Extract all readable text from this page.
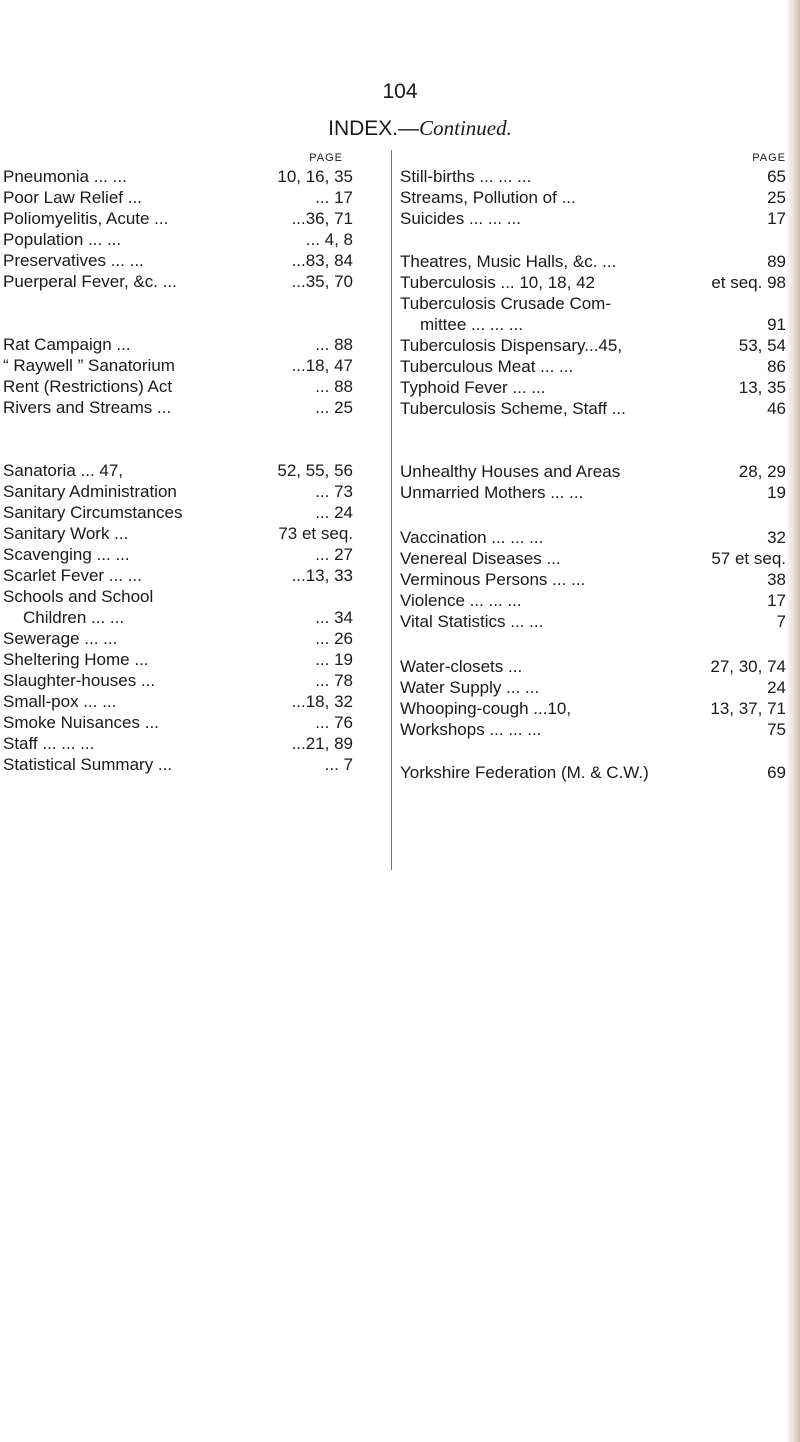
104
INDEX.—Continued.
PAGE
Pneumonia ... ...	10, 16, 35
Poor Law Relief ...	... 17
Poliomyelitis, Acute ...	...36, 71
Population ... ...	... 4, 8
Preservatives ... ...	...83, 84
Puerperal Fever, &c. ...	...35, 70
Rat Campaign ...	... 88
“ Raywell ” Sanatorium	...18, 47
Rent (Restrictions) Act	... 88
Rivers and Streams ...	... 25
Sanatoria ... 47,	52, 55, 56
Sanitary Administration	... 73
Sanitary Circumstances	... 24
Sanitary Work ...	73 et seq.
Scavenging ... ...	... 27
Scarlet Fever ... ...	...13, 33
Schools and School
Children ... ...	... 34
Sewerage ... ...	... 26
Sheltering Home ...	... 19
Slaughter-houses ...	... 78
Small-pox ... ...	...18, 32
Smoke Nuisances ...	... 76
Staff ... ... ...	...21, 89
Statistical Summary ...	... 7
PAGE
Still-births ... ... ...	65
Streams, Pollution of ...	25
Suicides ... ... ...	17
Theatres, Music Halls, &c. ...	89
Tuberculosis ... 10, 18, 42	et seq. 98
Tuberculosis Crusade Com-
mittee ... ... ...	91
Tuberculosis Dispensary...45,	53, 54
Tuberculous Meat ... ...	86
Typhoid Fever ... ...	13, 35
Tuberculosis Scheme, Staff ...	46
Unhealthy Houses and Areas	28, 29
Unmarried Mothers ... ...	19
Vaccination ... ... ...	32
Venereal Diseases ...	57 et seq.
Verminous Persons ... ...	38
Violence ... ... ...	17
Vital Statistics ... ...	7
Water-closets ...	27, 30, 74
Water Supply ... ...	24
Whooping-cough ...10,	13, 37, 71
Workshops ... ... ...	75
Yorkshire Federation (M. & C.W.)	69
